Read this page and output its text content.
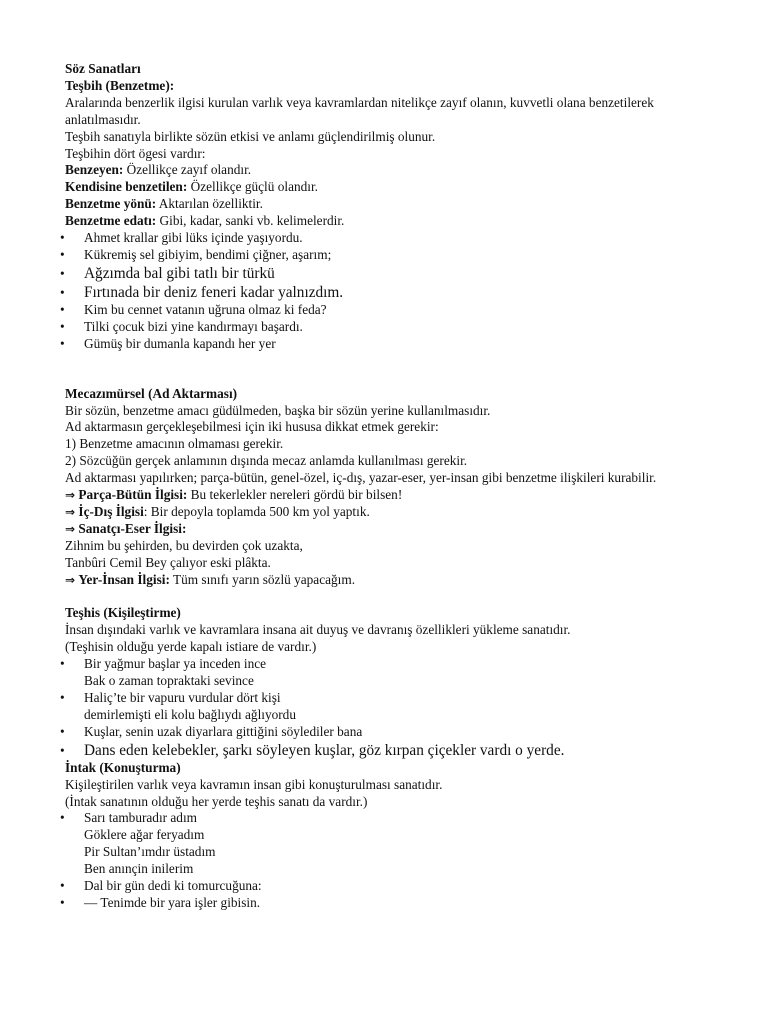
Söz Sanatları
Teşbih (Benzetme):
Aralarında benzerlik ilgisi kurulan varlık veya kavramlardan nitelikçe zayıf olanın, kuvvetli olana benzetilerek anlatılmasıdır.
Teşbih sanatıyla birlikte sözün etkisi ve anlamı güçlendirilmiş olunur.
Teşbihin dört ögesi vardır:
Benzeyen: Özellikçe zayıf olandır.
Kendisine benzetilen: Özellikçe güçlü olandır.
Benzetme yönü: Aktarılan özelliktir.
Benzetme edatı: Gibi, kadar, sanki vb. kelimelerdir.
• Ahmet krallar gibi lüks içinde yaşıyordu.
• Kükremiş sel gibiyim, bendimi çiğner, aşarım;
• Ağzımda bal gibi tatlı bir türkü
• Fırtınada bir deniz feneri kadar yalnızdım.
• Kim bu cennet vatanın uğruna olmaz ki feda?
• Tilki çocuk bizi yine kandırmayı başardı.
• Gümüş bir dumanla kapandı her yer
Mecazımürsel (Ad Aktarması)
Bir sözün, benzetme amacı güdülmeden, başka bir sözün yerine kullanılmasıdır.
Ad aktarmasın gerçekleşebilmesi için iki hususa dikkat etmek gerekir:
1) Benzetme amacının olmaması gerekir.
2) Sözcüğün gerçek anlamının dışında mecaz anlamda kullanılması gerekir.
Ad aktarması yapılırken; parça-bütün, genel-özel, iç-dış, yazar-eser, yer-insan gibi benzetme ilişkileri kurabilir.
⇒ Parça-Bütün İlgisi: Bu tekerlekler nereleri gördü bir bilsen!
⇒ İç-Dış İlgisi: Bir depoyla toplamda 500 km yol yaptık.
⇒ Sanatçı-Eser İlgisi:
Zihnim bu şehirden, bu devirden çok uzakta,
Tanbûri Cemil Bey çalıyor eski plâkta.
⇒ Yer-İnsan İlgisi: Tüm sınıfı yarın sözlü yapacağım.
Teşhis (Kişileştirme)
İnsan dışındaki varlık ve kavramlara insana ait duyuş ve davranış özellikleri yükleme sanatıdır.
(Teşhisin olduğu yerde kapalı istiare de vardır.)
• Bir yağmur başlar ya inceden ince
Bak o zaman topraktaki sevince
• Haliç’te bir vapuru vurdular dört kişi
demirlemişti eli kolu bağlıydı ağlıyordu
• Kuşlar, senin uzak diyarlara gittiğini söylediler bana
• Dans eden kelebekler, şarkı söyleyen kuşlar, göz kırpan çiçekler vardı o yerde.
İntak (Konuşturma)
Kişileştirilen varlık veya kavramın insan gibi konuşturulması sanatıdır.
(İntak sanatının olduğu her yerde teşhis sanatı da vardır.)
• Sarı tamburadır adım
Göklere ağar feryadım
Pir Sultan’ımdır üstadım
Ben anınçin inilerim
• Dal bir gün dedi ki tomurcuğuna:
• — Tenimde bir yara işler gibisin.
